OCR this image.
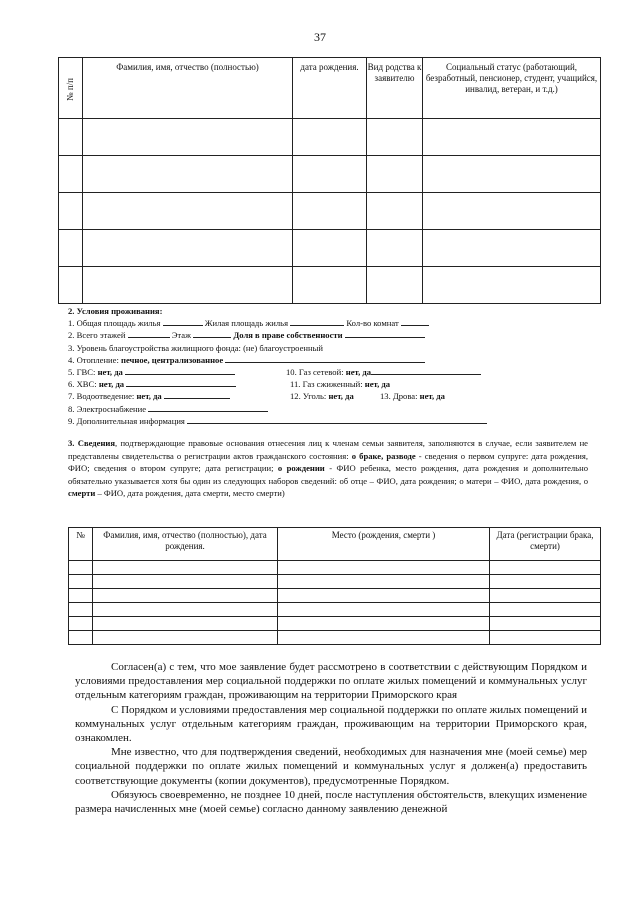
37
№ п/п	Фамилия, имя, отчество (полностью)	дата рождения.	Вид родства к заявителю	Социальный статус (работающий, безработный, пенсионер, студент, учащийся, инвалид, ветеран, и т.д.)

2. Условия проживания:
1. Общая площадь жилья	Жилая площадь жилья	Кол-во комнат
2. Всего этажей	Этаж	Доля в праве собственности
3. Уровень благоустройства жилищного фонда: (не) благоустроенный
4. Отопление: печное, централизованное
5. ГВС: нет, да	10. Газ сетевой: нет, да
6. ХВС: нет, да	11. Газ сжиженный: нет, да
7. Водоотведение: нет, да	12. Уголь: нет, да	13. Дрова: нет, да
8. Электроснабжение
9. Дополнительная информация
3. Сведения, подтверждающие правовые основания отнесения лиц к членам семьи заявителя, заполняются в случае, если заявителем не представлены свидетельства о регистрации актов гражданского состояния: о браке, разводе - сведения о первом супруге: дата рождения, ФИО; сведения о втором супруге; дата регистрации; о рождении - ФИО ребенка, место рождения, дата рождения и дополнительно обязательно указывается хотя бы один из следующих наборов сведений: об отце – ФИО, дата рождения; о матери – ФИО, дата рождения, о смерти – ФИО, дата рождения, дата смерти, место смерти)
№	Фамилия, имя, отчество (полностью), дата рождения.	Место (рождения, смерти )	Дата (регистрации брака, смерти)

Согласен(а) с тем, что мое заявление будет рассмотрено в соответствии с действующим Порядком и условиями предоставления мер социальной поддержки по оплате жилых помещений и коммунальных услуг отдельным категориям граждан, проживающим на территории Приморского края

С Порядком и условиями предоставления мер социальной поддержки по оплате жилых помещений и коммунальных услуг отдельным категориям граждан, проживающим на территории Приморского края, ознакомлен.

Мне известно, что для подтверждения сведений, необходимых для назначения мне (моей семье) мер социальной поддержки по оплате жилых помещений и коммунальных услуг я должен(а) предоставить соответствующие документы (копии документов), предусмотренные Порядком.

Обязуюсь своевременно, не позднее 10 дней, после наступления обстоятельств, влекущих изменение размера начисленных мне (моей семье) согласно данному заявлению денежной
